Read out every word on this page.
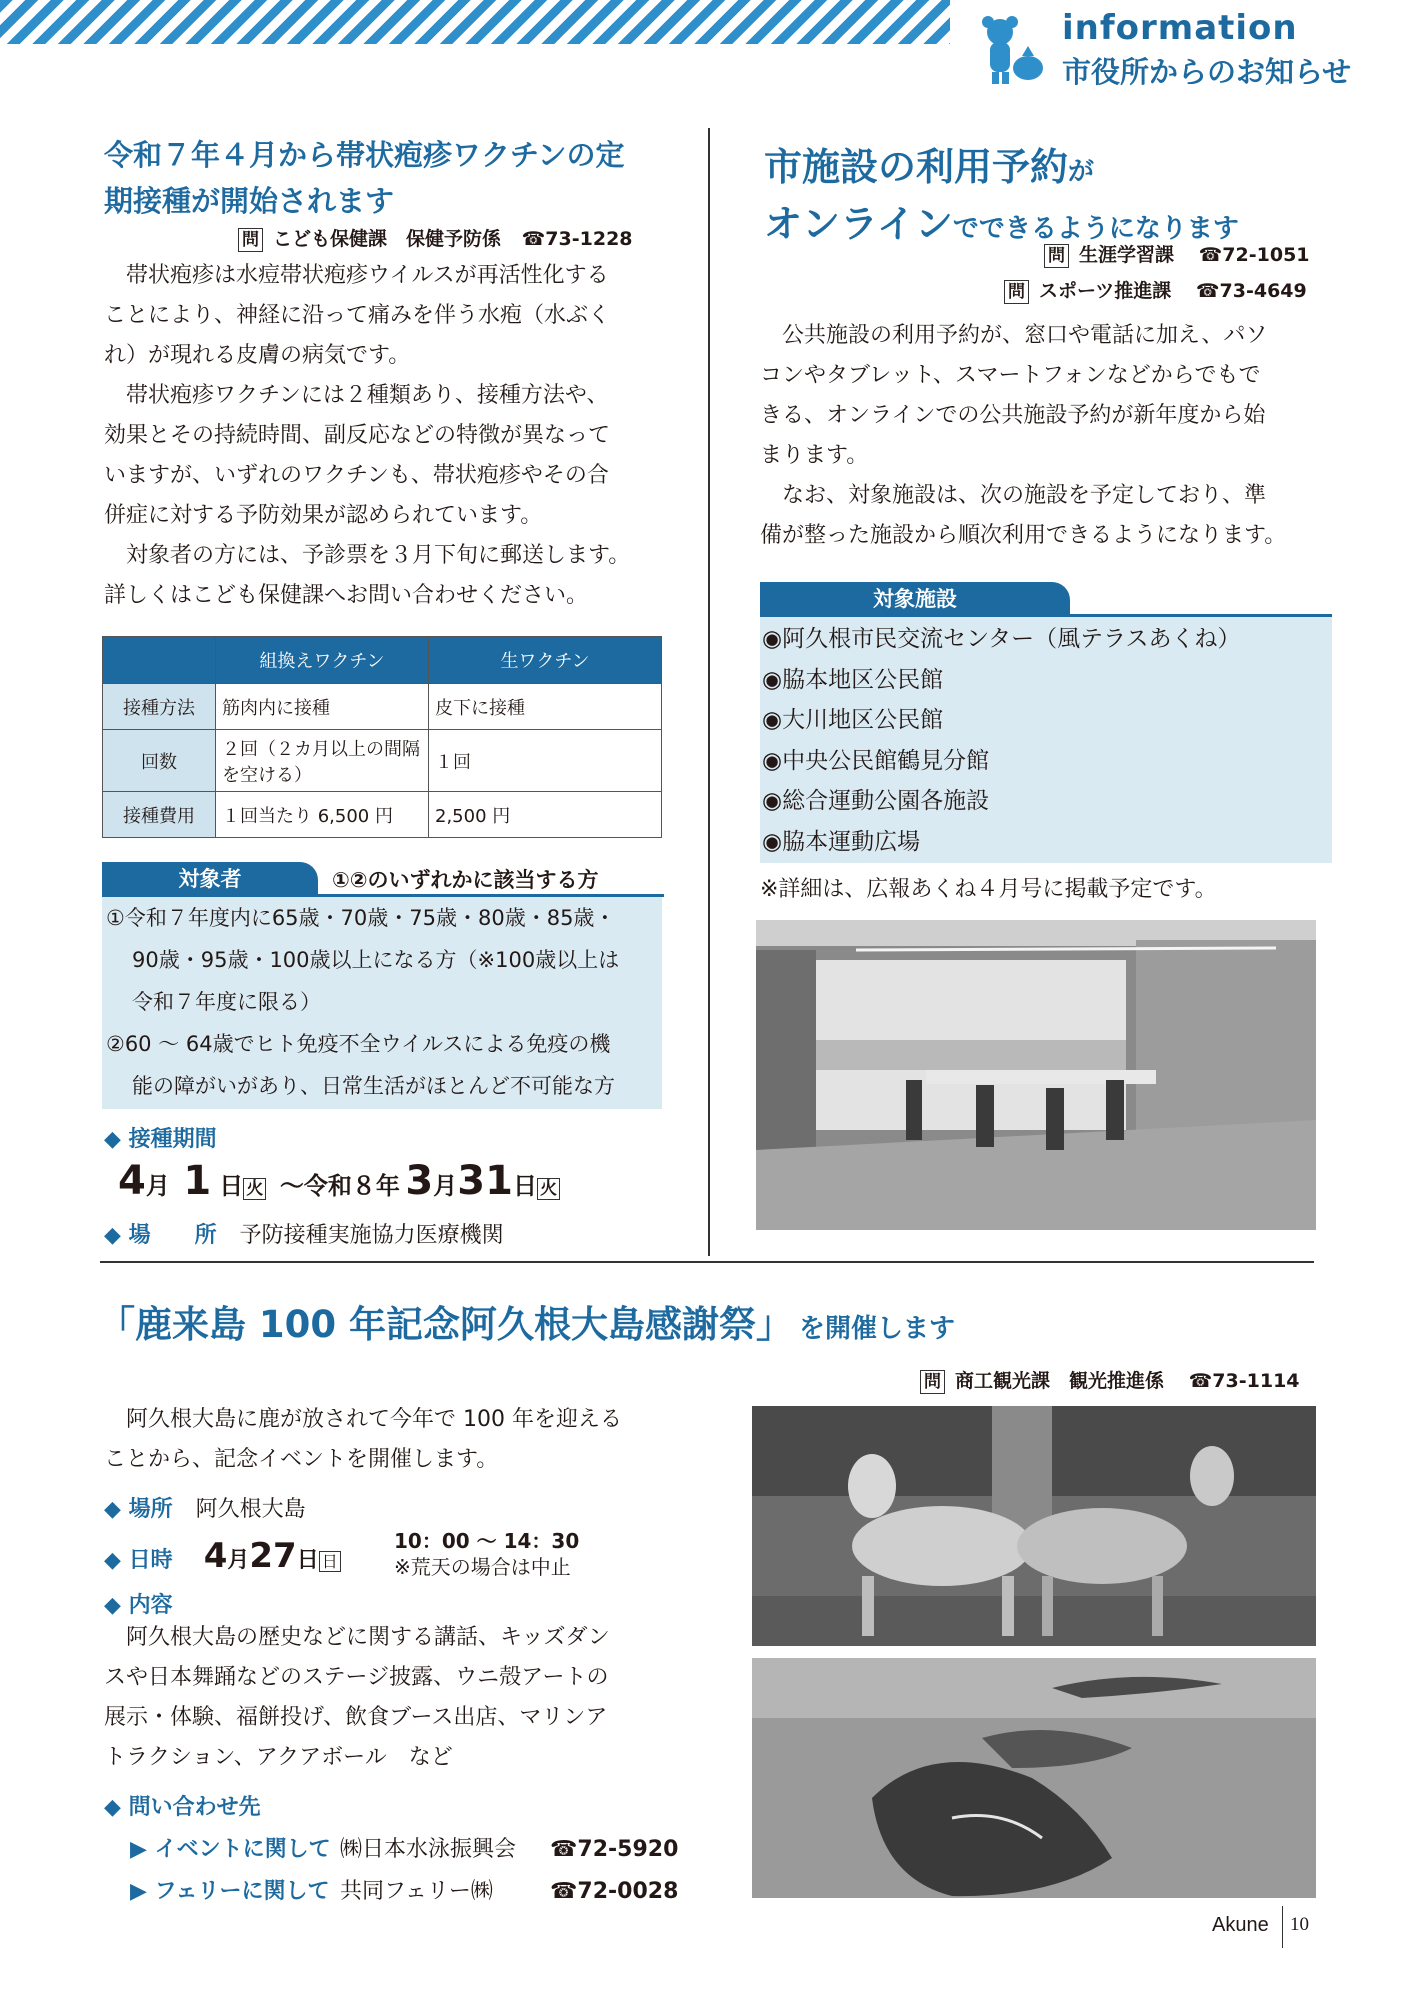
information
市役所からのお知らせ
令和７年４月から帯状疱疹ワクチンの定
期接種が開始されます
問 こども保健課　保健予防係 ☎73-1228
帯状疱疹は水痘帯状疱疹ウイルスが再活性化する
ことにより、神経に沿って痛みを伴う水疱（水ぶく
れ）が現れる皮膚の病気です。
帯状疱疹ワクチンには２種類あり、接種方法や、
効果とその持続時間、副反応などの特徴が異なって
いますが、いずれのワクチンも、帯状疱疹やその合
併症に対する予防効果が認められています。
対象者の方には、予診票を３月下旬に郵送します。
詳しくはこども保健課へお問い合わせください。
	組換えワクチン	生ワクチン
接種方法	筋肉内に接種	皮下に接種
回数	２回（２カ月以上の間隔を空ける）	１回
接種費用	１回当たり 6,500 円	2,500 円
対象者	①②のいずれかに該当する方
①令和７年度内に65歳・70歳・75歳・80歳・85歳・
90歳・95歳・100歳以上になる方（※100歳以上は
令和７年度に限る）
②60 ～ 64歳でヒト免疫不全ウイルスによる免疫の機
能の障がいがあり、日常生活がほとんど不可能な方
◆ 接種期間
4月 1 日 火 ～令和８年 3月31日 火
◆ 場　　所 予防接種実施協力医療機関
市施設の利用予約が
オンラインでできるようになります
問 生涯学習課 ☎72-1051
問 スポーツ推進課 ☎73-4649
公共施設の利用予約が、窓口や電話に加え、パソ
コンやタブレット、スマートフォンなどからでもで
きる、オンラインでの公共施設予約が新年度から始
まります。
なお、対象施設は、次の施設を予定しており、準
備が整った施設から順次利用できるようになります。
対象施設
◉阿久根市民交流センター（風テラスあくね）
◉脇本地区公民館
◉大川地区公民館
◉中央公民館鶴見分館
◉総合運動公園各施設
◉脇本運動広場
※詳細は、広報あくね４月号に掲載予定です。
「鹿来島 100 年記念阿久根大島感謝祭」 を開催します
問 商工観光課　観光推進係 ☎73-1114
阿久根大島に鹿が放されて今年で 100 年を迎える
ことから、記念イベントを開催します。
◆ 場所 阿久根大島
◆ 日時 4月27日 日
10：00 ～ 14：30
※荒天の場合は中止
◆ 内容
阿久根大島の歴史などに関する講話、キッズダン
スや日本舞踊などのステージ披露、ウニ殻アートの
展示・体験、福餅投げ、飲食ブース出店、マリンア
トラクション、アクアボール　など
◆ 問い合わせ先
▶ イベントに関して ㈱日本水泳振興会 ☎72-5920
▶ フェリーに関して 共同フェリー㈱	☎72-0028
Akune 10
